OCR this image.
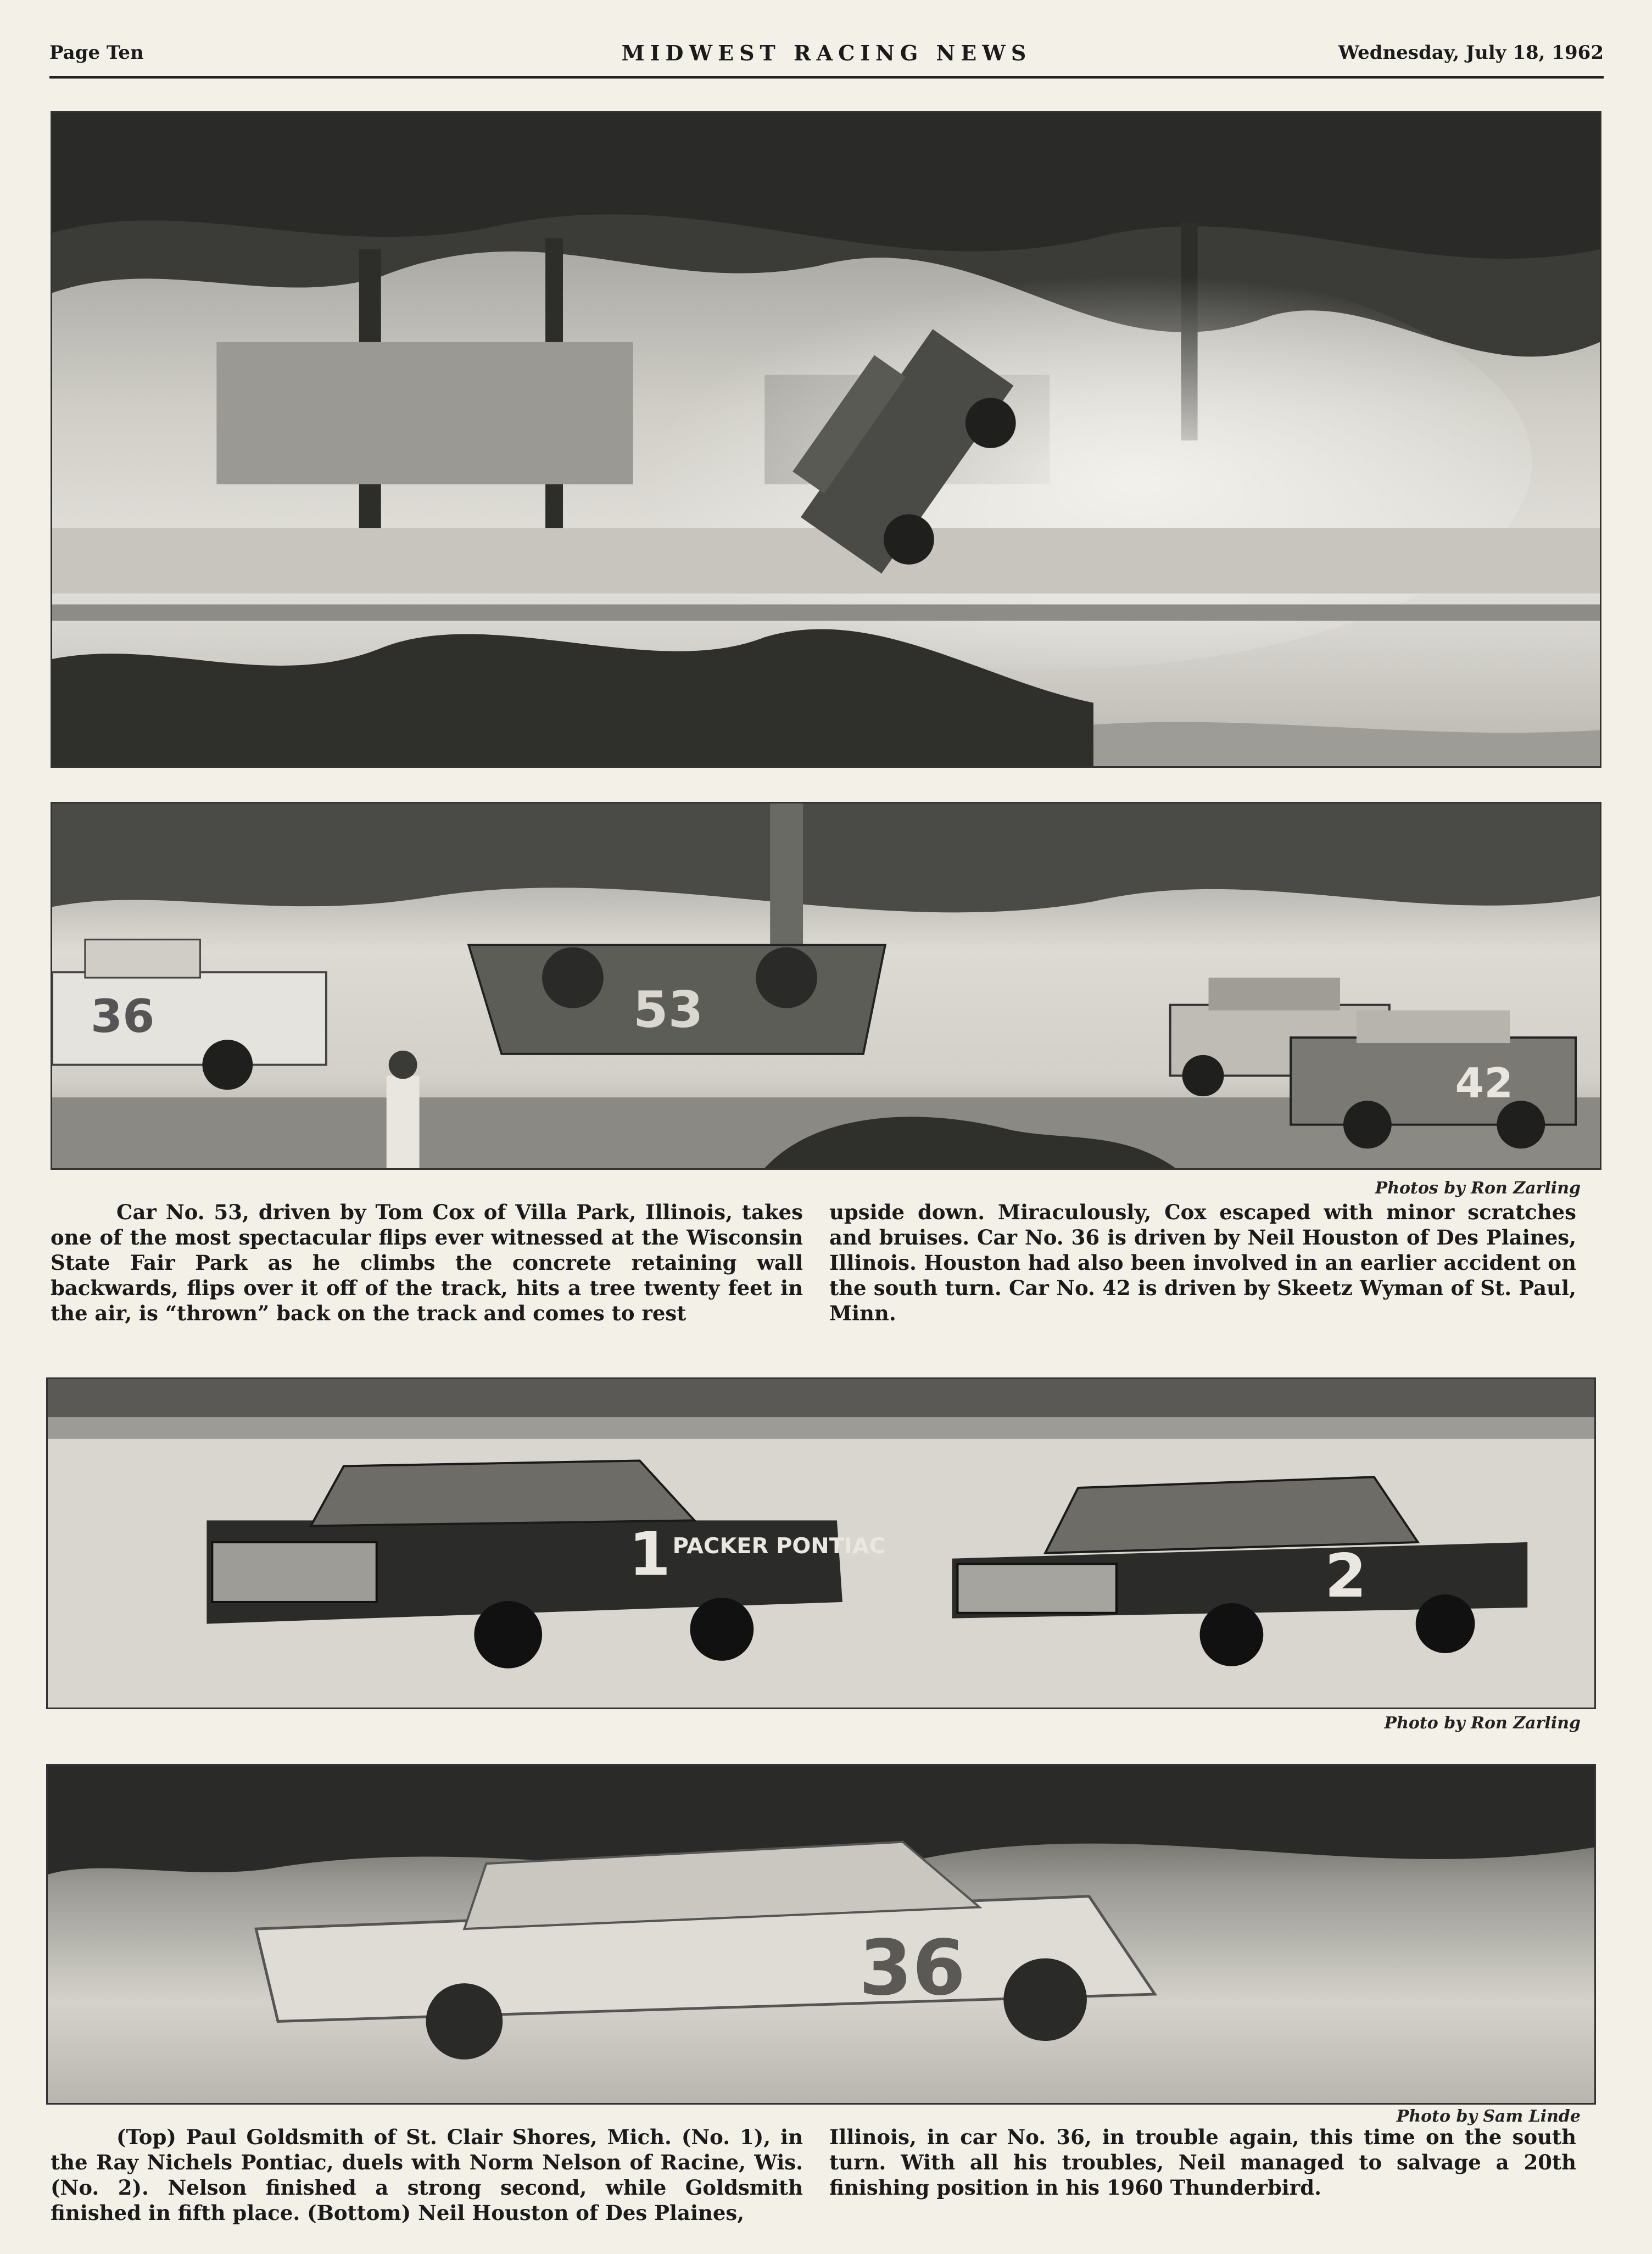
Page Ten	MIDWEST RACING NEWS	Wednesday, July 18, 1962
36	53
42
Photos by Ron Zarling

Car No. 53, driven by Tom Cox of Villa Park, Illinois, takes one of the most spectacular flips ever witnessed at the Wisconsin State Fair Park as he climbs the concrete retaining wall backwards, flips over it off of the track, hits a tree twenty feet in the air, is “thrown” back on the track and comes to rest

upside down. Miraculously, Cox escaped with minor scratches and bruises. Car No. 36 is driven by Neil Houston of Des Plaines, Illinois. Houston had also been involved in an earlier accident on the south turn. Car No. 42 is driven by Skeetz Wyman of St. Paul, Minn.

1 PACKER PONTIAC	2
Photo by Ron Zarling
36
Photo by Sam Linde

(Top) Paul Goldsmith of St. Clair Shores, Mich. (No. 1), in the Ray Nichels Pontiac, duels with Norm Nelson of Racine, Wis. (No. 2). Nelson finished a strong second, while Goldsmith finished in fifth place. (Bottom) Neil Houston of Des Plaines,

Illinois, in car No. 36, in trouble again, this time on the south turn. With all his troubles, Neil managed to salvage a 20th finishing position in his 1960 Thunderbird.
